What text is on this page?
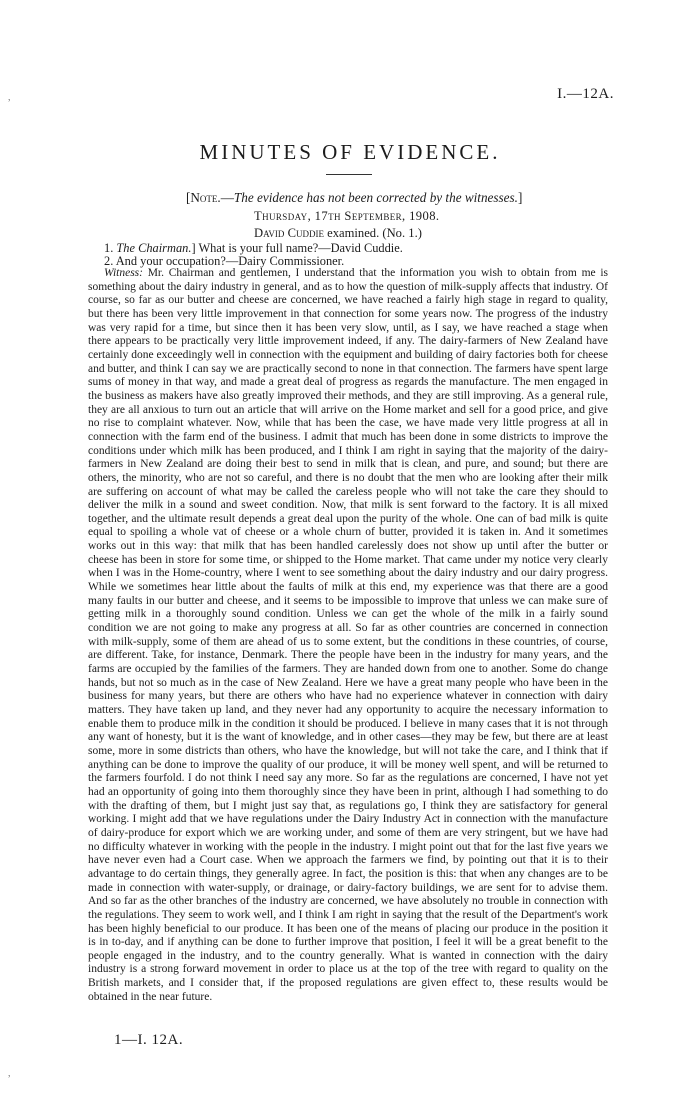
I.—12A.
MINUTES OF EVIDENCE.
[Note.—The evidence has not been corrected by the witnesses.]
Thursday, 17th September, 1908.
David Cuddie examined. (No. 1.)
1. The Chairman.] What is your full name?—David Cuddie.
2. And your occupation?—Dairy Commissioner.
Witness: Mr. Chairman and gentlemen, I understand that the information you wish to obtain from me is something about the dairy industry in general, and as to how the question of milk-supply affects that industry. Of course, so far as our butter and cheese are concerned, we have reached a fairly high stage in regard to quality, but there has been very little improvement in that connection for some years now. The progress of the industry was very rapid for a time, but since then it has been very slow, until, as I say, we have reached a stage when there appears to be practically very little improvement indeed, if any. The dairy-farmers of New Zealand have certainly done exceedingly well in connection with the equipment and building of dairy factories both for cheese and butter, and think I can say we are practically second to none in that connection. The farmers have spent large sums of money in that way, and made a great deal of progress as regards the manufacture. The men engaged in the business as makers have also greatly improved their methods, and they are still improving. As a general rule, they are all anxious to turn out an article that will arrive on the Home market and sell for a good price, and give no rise to complaint whatever. Now, while that has been the case, we have made very little progress at all in connection with the farm end of the business. I admit that much has been done in some districts to improve the conditions under which milk has been produced, and I think I am right in saying that the majority of the dairy-farmers in New Zealand are doing their best to send in milk that is clean, and pure, and sound; but there are others, the minority, who are not so careful, and there is no doubt that the men who are looking after their milk are suffering on account of what may be called the careless people who will not take the care they should to deliver the milk in a sound and sweet condition. Now, that milk is sent forward to the factory. It is all mixed together, and the ultimate result depends a great deal upon the purity of the whole. One can of bad milk is quite equal to spoiling a whole vat of cheese or a whole churn of butter, provided it is taken in. And it sometimes works out in this way: that milk that has been handled carelessly does not show up until after the butter or cheese has been in store for some time, or shipped to the Home market. That came under my notice very clearly when I was in the Home-country, where I went to see something about the dairy industry and our dairy progress. While we sometimes hear little about the faults of milk at this end, my experience was that there are a good many faults in our butter and cheese, and it seems to be impossible to improve that unless we can make sure of getting milk in a thoroughly sound condition. Unless we can get the whole of the milk in a fairly sound condition we are not going to make any progress at all. So far as other countries are concerned in connection with milk-supply, some of them are ahead of us to some extent, but the conditions in these countries, of course, are different. Take, for instance, Denmark. There the people have been in the industry for many years, and the farms are occupied by the families of the farmers. They are handed down from one to another. Some do change hands, but not so much as in the case of New Zealand. Here we have a great many people who have been in the business for many years, but there are others who have had no experience whatever in connection with dairy matters. They have taken up land, and they never had any opportunity to acquire the necessary information to enable them to produce milk in the condition it should be produced. I believe in many cases that it is not through any want of honesty, but it is the want of knowledge, and in other cases—they may be few, but there are at least some, more in some districts than others, who have the knowledge, but will not take the care, and I think that if anything can be done to improve the quality of our produce, it will be money well spent, and will be returned to the farmers fourfold. I do not think I need say any more. So far as the regulations are concerned, I have not yet had an opportunity of going into them thoroughly since they have been in print, although I had something to do with the drafting of them, but I might just say that, as regulations go, I think they are satisfactory for general working. I might add that we have regulations under the Dairy Industry Act in connection with the manufacture of dairy-produce for export which we are working under, and some of them are very stringent, but we have had no difficulty whatever in working with the people in the industry. I might point out that for the last five years we have never even had a Court case. When we approach the farmers we find, by pointing out that it is to their advantage to do certain things, they generally agree. In fact, the position is this: that when any changes are to be made in connection with water-supply, or drainage, or dairy-factory buildings, we are sent for to advise them. And so far as the other branches of the industry are concerned, we have absolutely no trouble in connection with the regulations. They seem to work well, and I think I am right in saying that the result of the Department's work has been highly beneficial to our produce. It has been one of the means of placing our produce in the position it is in to-day, and if anything can be done to further improve that position, I feel it will be a great benefit to the people engaged in the industry, and to the country generally. What is wanted in connection with the dairy industry is a strong forward movement in order to place us at the top of the tree with regard to quality on the British markets, and I consider that, if the proposed regulations are given effect to, these results would be obtained in the near future.
1—I. 12A.
,
,
